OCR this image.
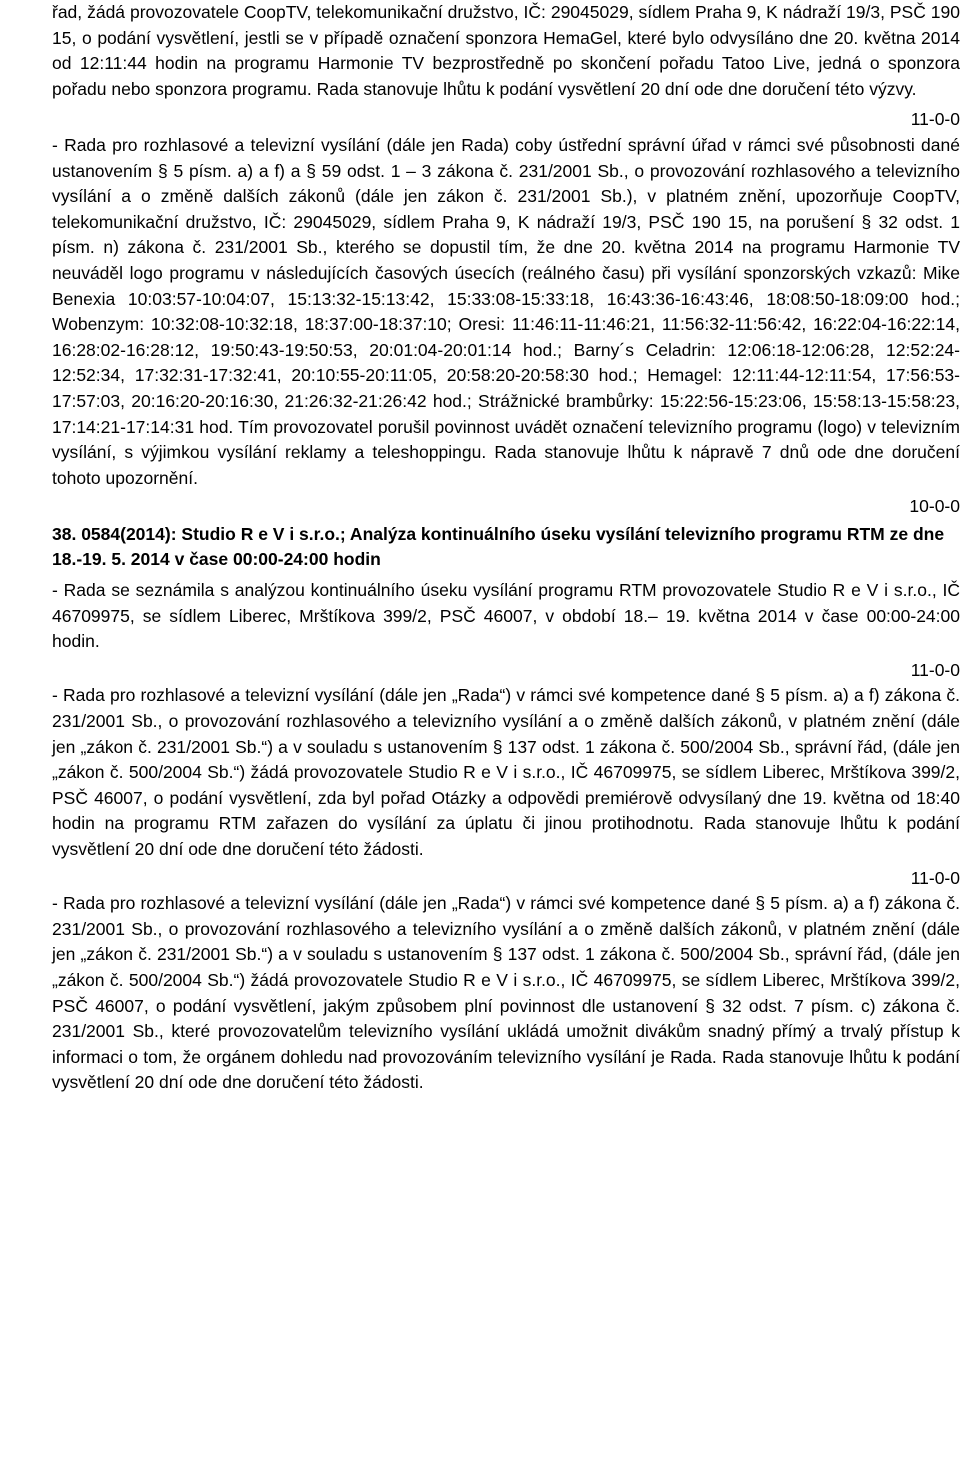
řad, žádá provozovatele CoopTV, telekomunikační družstvo, IČ: 29045029, sídlem Praha 9, K nádraží 19/3, PSČ 190 15, o podání vysvětlení, jestli se v případě označení sponzora HemaGel, které bylo odvysíláno dne 20. května 2014 od 12:11:44 hodin na programu Harmonie TV bezprostředně po skončení pořadu Tatoo Live, jedná o sponzora pořadu nebo sponzora programu. Rada stanovuje lhůtu k podání vysvětlení 20 dní ode dne doručení této výzvy.

11-0-0

- Rada pro rozhlasové a televizní vysílání (dále jen Rada) coby ústřední správní úřad v rámci své působnosti dané ustanovením § 5 písm. a) a f) a § 59 odst. 1 – 3 zákona č. 231/2001 Sb., o provozování rozhlasového a televizního vysílání a o změně dalších zákonů (dále jen zákon č. 231/2001 Sb.), v platném znění, upozorňuje CoopTV, telekomunikační družstvo, IČ: 29045029, sídlem Praha 9, K nádraží 19/3, PSČ 190 15, na porušení § 32 odst. 1 písm. n) zákona č. 231/2001 Sb., kterého se dopustil tím, že dne 20. května 2014 na programu Harmonie TV neuváděl logo programu v následujících časových úsecích (reálného času) při vysílání sponzorských vzkazů: Mike Benexia 10:03:57-10:04:07, 15:13:32-15:13:42, 15:33:08-15:33:18, 16:43:36-16:43:46, 18:08:50-18:09:00 hod.; Wobenzym: 10:32:08-10:32:18, 18:37:00-18:37:10; Oresi: 11:46:11-11:46:21, 11:56:32-11:56:42, 16:22:04-16:22:14, 16:28:02-16:28:12, 19:50:43-19:50:53, 20:01:04-20:01:14 hod.; Barny´s Celadrin: 12:06:18-12:06:28, 12:52:24-12:52:34, 17:32:31-17:32:41, 20:10:55-20:11:05, 20:58:20-20:58:30 hod.; Hemagel: 12:11:44-12:11:54, 17:56:53-17:57:03, 20:16:20-20:16:30, 21:26:32-21:26:42 hod.; Strážnické brambůrky: 15:22:56-15:23:06, 15:58:13-15:58:23, 17:14:21-17:14:31 hod. Tím provozovatel porušil povinnost uvádět označení televizního programu (logo) v televizním vysílání, s výjimkou vysílání reklamy a teleshoppingu. Rada stanovuje lhůtu k nápravě 7 dnů ode dne doručení tohoto upozornění.

10-0-0

38. 0584(2014): Studio R e V i s.r.o.; Analýza kontinuálního úseku vysílání televizního programu RTM ze dne 18.-19. 5. 2014 v čase 00:00-24:00 hodin

- Rada se seznámila s analýzou kontinuálního úseku vysílání programu RTM provozovatele Studio R e V i s.r.o., IČ 46709975, se sídlem Liberec, Mrštíkova 399/2, PSČ 46007, v období 18.– 19. května 2014 v čase 00:00-24:00 hodin.

11-0-0

- Rada pro rozhlasové a televizní vysílání (dále jen „Rada“) v rámci své kompetence dané § 5 písm. a) a f) zákona č. 231/2001 Sb., o provozování rozhlasového a televizního vysílání a o změně dalších zákonů, v platném znění (dále jen „zákon č. 231/2001 Sb.“) a v souladu s ustanovením § 137 odst. 1 zákona č. 500/2004 Sb., správní řád, (dále jen „zákon č. 500/2004 Sb.“) žádá provozovatele Studio R e V i s.r.o., IČ 46709975, se sídlem Liberec, Mrštíkova 399/2, PSČ 46007, o podání vysvětlení, zda byl pořad Otázky a odpovědi premiérově odvysílaný dne 19. května od 18:40 hodin na programu RTM zařazen do vysílání za úplatu či jinou protihodnotu. Rada stanovuje lhůtu k podání vysvětlení 20 dní ode dne doručení této žádosti.

11-0-0

- Rada pro rozhlasové a televizní vysílání (dále jen „Rada“) v rámci své kompetence dané § 5 písm. a) a f) zákona č. 231/2001 Sb., o provozování rozhlasového a televizního vysílání a o změně dalších zákonů, v platném znění (dále jen „zákon č. 231/2001 Sb.“) a v souladu s ustanovením § 137 odst. 1 zákona č. 500/2004 Sb., správní řád, (dále jen „zákon č. 500/2004 Sb.“) žádá provozovatele Studio R e V i s.r.o., IČ 46709975, se sídlem Liberec, Mrštíkova 399/2, PSČ 46007, o podání vysvětlení, jakým způsobem plní povinnost dle ustanovení § 32 odst. 7 písm. c) zákona č. 231/2001 Sb., které provozovatelům televizního vysílání ukládá umožnit divákům snadný přímý a trvalý přístup k informaci o tom, že orgánem dohledu nad provozováním televizního vysílání je Rada. Rada stanovuje lhůtu k podání vysvětlení 20 dní ode dne doručení této žádosti.
